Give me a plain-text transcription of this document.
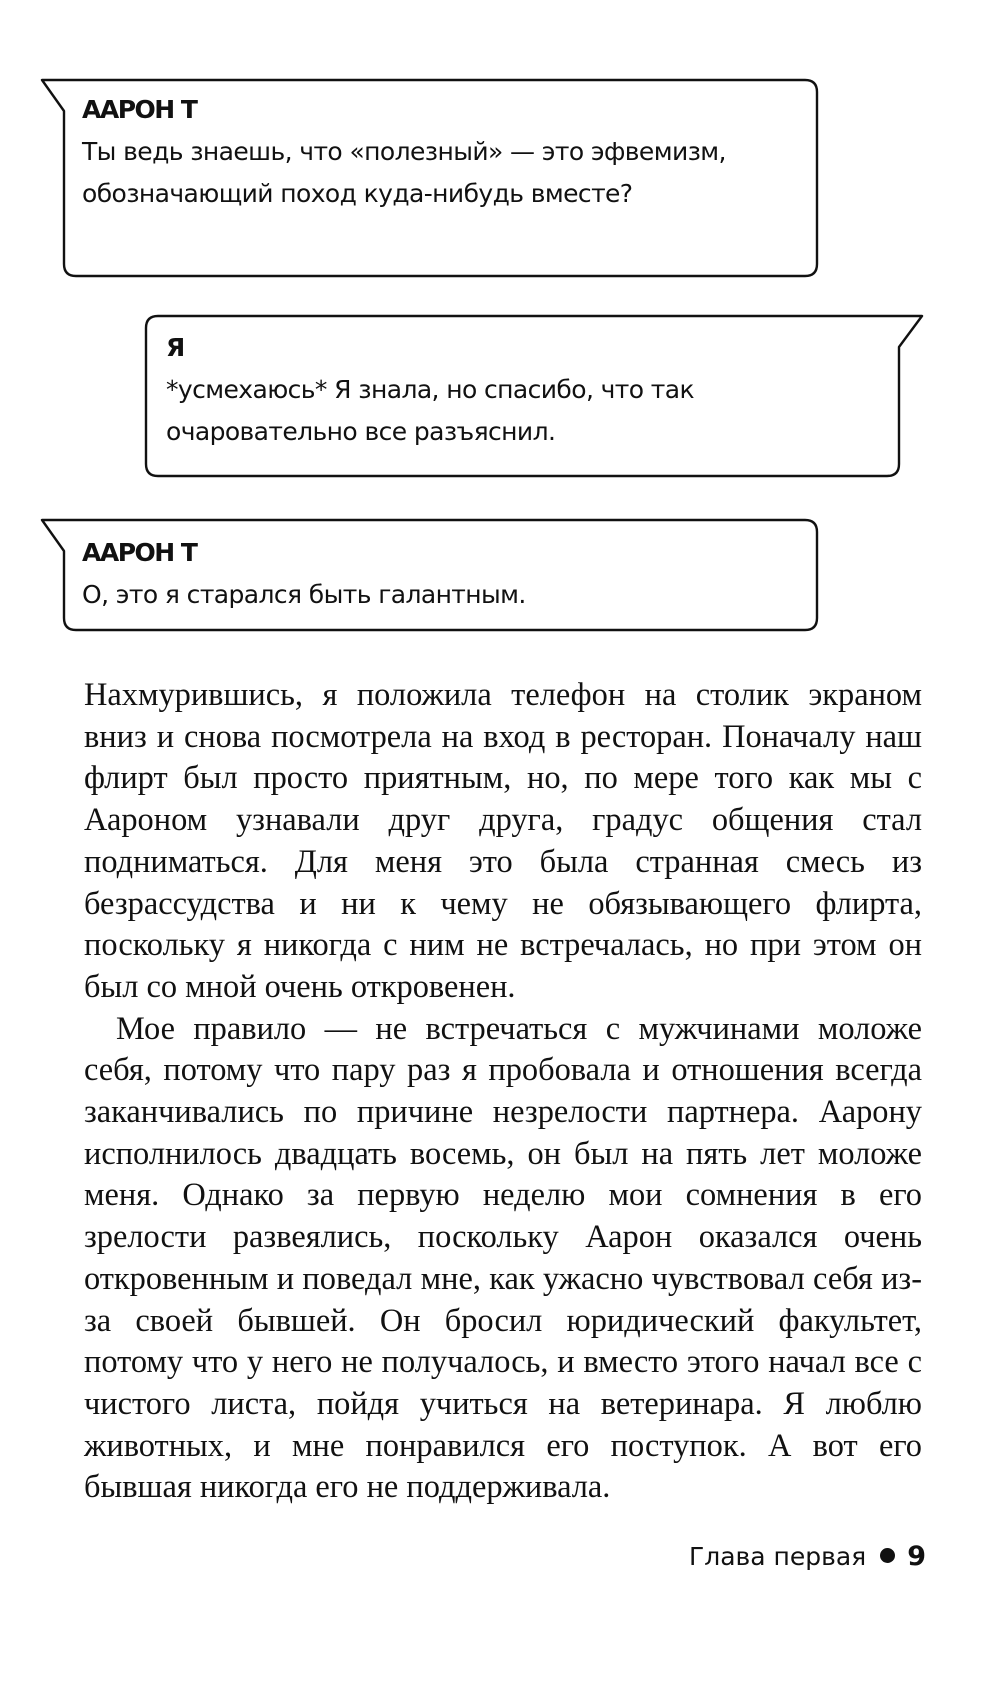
ААРОН Т
Ты ведь знаешь, что «полезный» — это эфвемизм, обозначающий поход куда-нибудь вместе?
Я
*усмехаюсь* Я знала, но спасибо, что так очаровательно все разъяснил.
ААРОН Т
О, это я старался быть галантным.

Нахмурившись, я положила телефон на столик экраном вниз и снова посмотрела на вход в ресторан. Поначалу наш флирт был просто приятным, но, по мере того как мы с Аароном узнавали друг друга, градус общения стал подниматься. Для меня это была странная смесь из безрассудства и ни к чему не обязывающего флирта, поскольку я никогда с ним не встречалась, но при этом он был со мной очень откровенен.

Мое правило — не встречаться с мужчинами моложе себя, потому что пару раз я пробовала и отношения всегда заканчивались по причине незрелости партнера. Аарону исполнилось двадцать восемь, он был на пять лет моложе меня. Однако за первую неделю мои сомнения в его зрелости развеялись, поскольку Аарон оказался очень откровенным и поведал мне, как ужасно чувствовал себя из-за своей бывшей. Он бросил юридический факультет, потому что у него не получалось, и вместо этого начал все с чистого листа, пойдя учиться на ветеринара. Я люблю животных, и мне понравился его поступок. А вот его бывшая никогда его не поддерживала.

Глава первая 9
